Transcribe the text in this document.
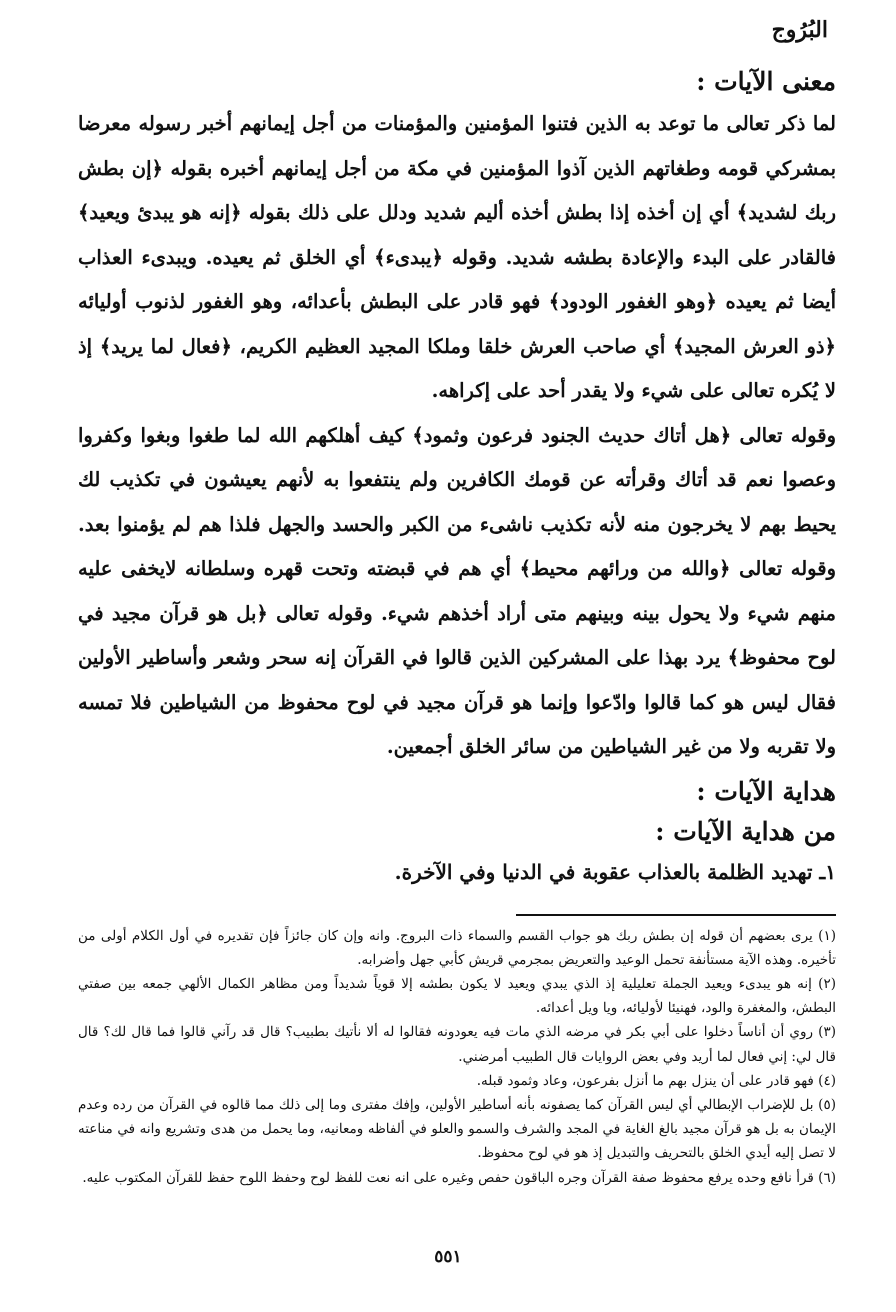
البُرُوج
معنى الآيات :

لما ذكر تعالى ما توعد به الذين فتنوا المؤمنين والمؤمنات من أجل إيمانهم أخبر رسوله معرضا بمشركي قومه وطغاتهم الذين آذوا المؤمنين في مكة من أجل إيمانهم أخبره بقوله ﴿إن بطش ربك لشديد﴾ أي إن أخذه إذا بطش أخذه أليم شديد ودلل على ذلك بقوله ﴿إنه هو يبدئ ويعيد﴾ فالقادر على البدء والإعادة بطشه شديد. وقوله ﴿يبدىء﴾ أي الخلق ثم يعيده. ويبدىء العذاب أيضا ثم يعيده ﴿وهو الغفور الودود﴾ فهو قادر على البطش بأعدائه، وهو الغفور لذنوب أوليائه ﴿ذو العرش المجيد﴾ أي صاحب العرش خلقا وملكا المجيد العظيم الكريم، ﴿فعال لما يريد﴾ إذ لا يُكره تعالى على شيء ولا يقدر أحد على إكراهه.

وقوله تعالى ﴿هل أتاك حديث الجنود فرعون وثمود﴾ كيف أهلكهم الله لما طغوا وبغوا وكفروا وعصوا نعم قد أتاك وقرأته عن قومك الكافرين ولم ينتفعوا به لأنهم يعيشون في تكذيب لك يحيط بهم لا يخرجون منه لأنه تكذيب ناشىء من الكبر والحسد والجهل فلذا هم لم يؤمنوا بعد. وقوله تعالى ﴿والله من ورائهم محيط﴾ أي هم في قبضته وتحت قهره وسلطانه لايخفى عليه منهم شيء ولا يحول بينه وبينهم متى أراد أخذهم شيء. وقوله تعالى ﴿بل هو قرآن مجيد في لوح محفوظ﴾ يرد بهذا على المشركين الذين قالوا في القرآن إنه سحر وشعر وأساطير الأولين فقال ليس هو كما قالوا وادّعوا وإنما هو قرآن مجيد في لوح محفوظ من الشياطين فلا تمسه ولا تقربه ولا من غير الشياطين من سائر الخلق أجمعين.

هداية الآيات :
من هداية الآيات :
١ـ تهديد الظلمة بالعذاب عقوبة في الدنيا وفي الآخرة.

(١) يرى بعضهم أن قوله إن بطش ربك هو جواب القسم والسماء ذات البروج. وانه وإن كان جائزاً فإن تقديره في أول الكلام أولى من تأخيره. وهذه الآية مستأنفة تحمل الوعيد والتعريض بمجرمي قريش كأبي جهل وأضرابه.

(٢) إنه هو يبدىء ويعيد الجملة تعليلية إذ الذي يبدي ويعيد لا يكون بطشه إلا قوياً شديداً ومن مظاهر الكمال الألهي جمعه بين صفتي البطش، والمغفرة والود، فهنيئا لأوليائه، ويا ويل أعدائه.

(٣) روي أن أناساً دخلوا على أبي بكر في مرضه الذي مات فيه يعودونه فقالوا له ألا نأتيك بطبيب؟ قال قد رآني قالوا فما قال لك؟ قال قال لي: إني فعال لما أريد وفي بعض الروايات قال الطبيب أمرضني.

(٤) فهو قادر على أن ينزل بهم ما أنزل بفرعون، وعاد وثمود قبله.

(٥) بل للإضراب الإبطالي أي ليس القرآن كما يصفونه بأنه أساطير الأولين، وإفك مفترى وما إلى ذلك مما قالوه في القرآن من رده وعدم الإيمان به بل هو قرآن مجيد بالغ الغاية في المجد والشرف والسمو والعلو في ألفاظه ومعانيه، وما يحمل من هدى وتشريع وانه في مناعته لا تصل إليه أيدي الخلق بالتحريف والتبديل إذ هو في لوح محفوظ.

(٦) قرأ نافع وحده يرفع محفوظ صفة القرآن وجره الباقون حفص وغيره على انه نعت للفظ لوح وحفظ اللوح حفظ للقرآن المكتوب عليه.

٥٥١
